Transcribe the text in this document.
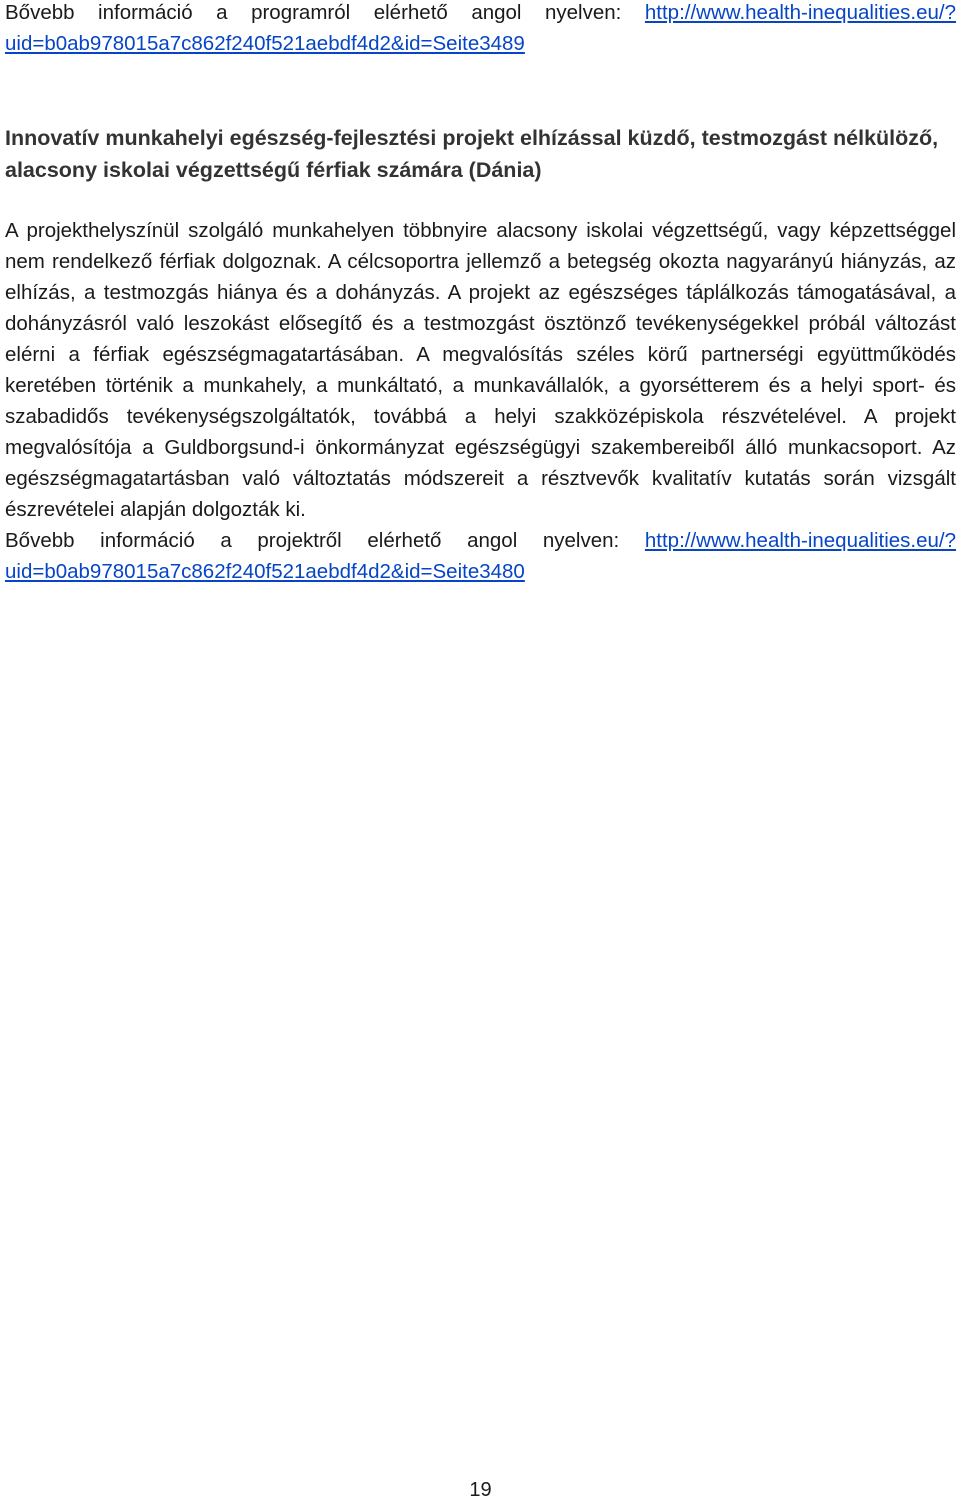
Bővebb információ a programról elérhető angol nyelven: http://www.health-inequalities.eu/?uid=b0ab978015a7c862f240f521aebdf4d2&id=Seite3489

Innovatív munkahelyi egészség-fejlesztési projekt elhízással küzdő, testmozgást nélkülöző, alacsony iskolai végzettségű férfiak számára (Dánia)

A projekthelyszínül szolgáló munkahelyen többnyire alacsony iskolai végzettségű, vagy képzettséggel nem rendelkező férfiak dolgoznak. A célcsoportra jellemző a betegség okozta nagyarányú hiányzás, az elhízás, a testmozgás hiánya és a dohányzás. A projekt az egészséges táplálkozás támogatásával, a dohányzásról való leszokást elősegítő és a testmozgást ösztönző tevékenységekkel próbál változást elérni a férfiak egészségmagatartásában. A megvalósítás széles körű partnerségi együttműködés keretében történik a munkahely, a munkáltató, a munkavállalók, a gyorsétterem és a helyi sport- és szabadidős tevékenységszolgáltatók, továbbá a helyi szakközépiskola részvételével. A projekt megvalósítója a Guldborgsund-i önkormányzat egészségügyi szakembereiből álló munkacsoport. Az egészségmagatartásban való változtatás módszereit a résztvevők kvalitatív kutatás során vizsgált észrevételei alapján dolgozták ki.

Bővebb információ a projektről elérhető angol nyelven: http://www.health-inequalities.eu/?uid=b0ab978015a7c862f240f521aebdf4d2&id=Seite3480

19
